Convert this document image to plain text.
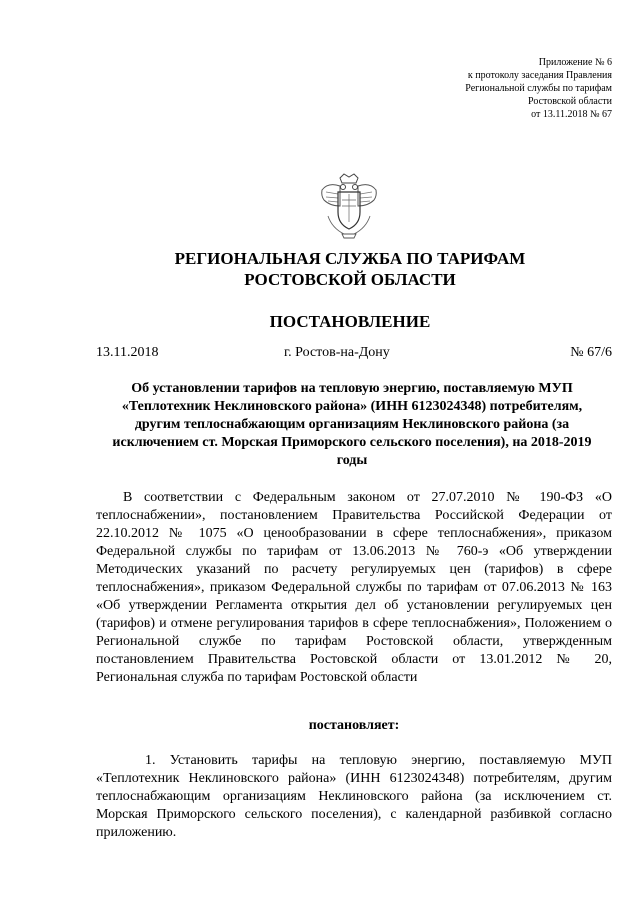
Приложение № 6
к протоколу заседания Правления
Региональной службы по тарифам
Ростовской области
от 13.11.2018 № 67
РЕГИОНАЛЬНАЯ СЛУЖБА ПО ТАРИФАМ
РОСТОВСКОЙ ОБЛАСТИ
ПОСТАНОВЛЕНИЕ
13.11.2018	г. Ростов-на-Дону	№ 67/6
Об установлении тарифов на тепловую энергию, поставляемую МУП «Теплотехник Неклиновского района» (ИНН 6123024348) потребителям, другим теплоснабжающим организациям Неклиновского района (за исключением ст. Морская Приморского сельского поселения), на 2018-2019 годы

В соответствии с Федеральным законом от 27.07.2010 № 190-ФЗ «О теплоснабжении», постановлением Правительства Российской Федерации от 22.10.2012 № 1075 «О ценообразовании в сфере теплоснабжения», приказом Федеральной службы по тарифам от 13.06.2013 № 760-э «Об утверждении Методических указаний по расчету регулируемых цен (тарифов) в сфере теплоснабжения», приказом Федеральной службы по тарифам от 07.06.2013 № 163 «Об утверждении Регламента открытия дел об установлении регулируемых цен (тарифов) и отмене регулирования тарифов в сфере теплоснабжения», Положением о Региональной службе по тарифам Ростовской области, утвержденным постановлением Правительства Ростовской области от 13.01.2012 № 20, Региональная служба по тарифам Ростовской области

постановляет:

1. Установить тарифы на тепловую энергию, поставляемую МУП «Теплотехник Неклиновского района» (ИНН 6123024348) потребителям, другим теплоснабжающим организациям Неклиновского района (за исключением ст. Морская Приморского сельского поселения), с календарной разбивкой согласно приложению.
